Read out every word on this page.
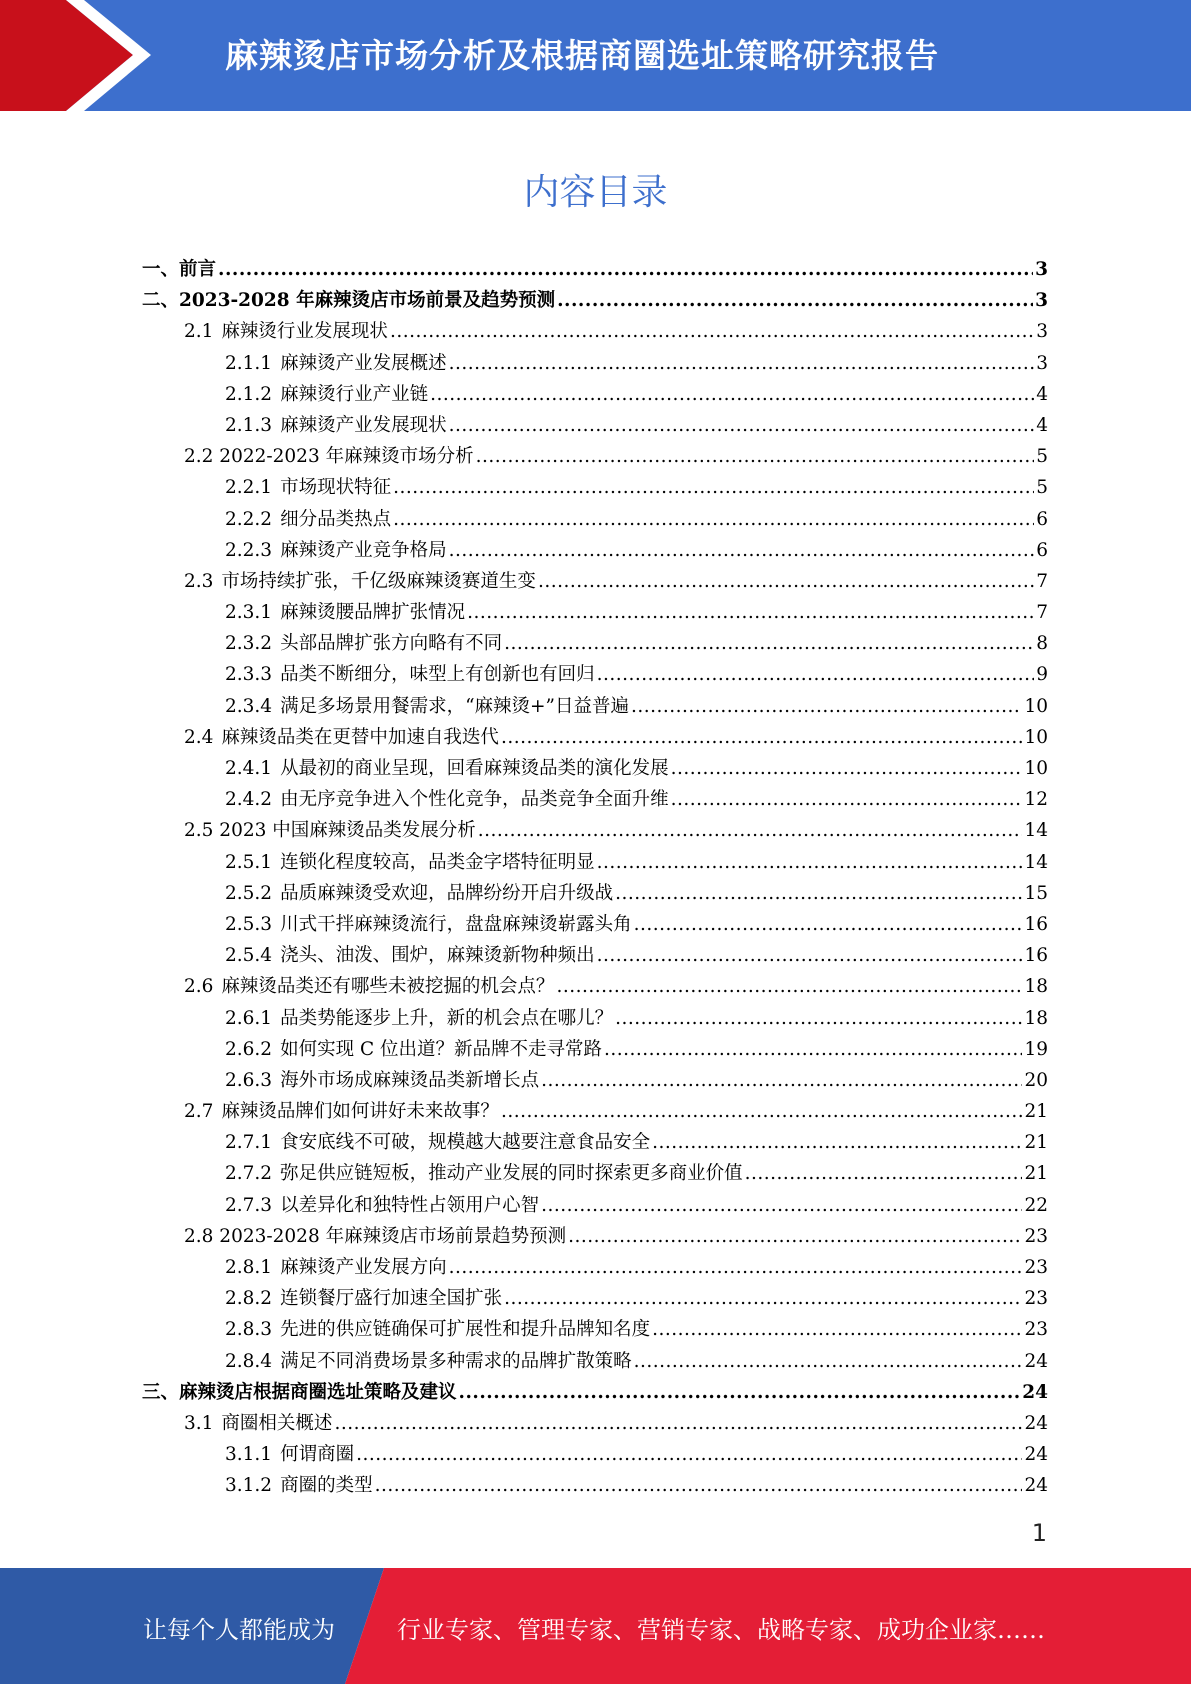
麻辣烫店市场分析及根据商圈选址策略研究报告
内容目录
一、前言 .....	3
二、2023-2028 年麻辣烫店市场前景及趋势预测 .....	3
2.1 麻辣烫行业发展现状 .....	3
2.1.1 麻辣烫产业发展概述 .....	3
2.1.2 麻辣烫行业产业链 .....	4
2.1.3 麻辣烫产业发展现状 .....	4
2.2 2022-2023 年麻辣烫市场分析 .....	5
2.2.1 市场现状特征 .....	5
2.2.2 细分品类热点 .....	6
2.2.3 麻辣烫产业竞争格局 .....	6
2.3 市场持续扩张，千亿级麻辣烫赛道生变 .....	7
2.3.1 麻辣烫腰品牌扩张情况 .....	7
2.3.2 头部品牌扩张方向略有不同 .....	8
2.3.3 品类不断细分，味型上有创新也有回归 .....	9
2.3.4 满足多场景用餐需求，“麻辣烫+”日益普遍 .....	10
2.4 麻辣烫品类在更替中加速自我迭代 .....	10
2.4.1 从最初的商业呈现，回看麻辣烫品类的演化发展 .....	10
2.4.2 由无序竞争进入个性化竞争，品类竞争全面升维 .....	12
2.5 2023 中国麻辣烫品类发展分析 .....	14
2.5.1 连锁化程度较高，品类金字塔特征明显 .....	14
2.5.2 品质麻辣烫受欢迎，品牌纷纷开启升级战 .....	15
2.5.3 川式干拌麻辣烫流行，盘盘麻辣烫崭露头角 .....	16
2.5.4 浇头、油泼、围炉，麻辣烫新物种频出 .....	16
2.6 麻辣烫品类还有哪些未被挖掘的机会点？ .....	18
2.6.1 品类势能逐步上升，新的机会点在哪儿？ .....	18
2.6.2 如何实现 C 位出道？新品牌不走寻常路 .....	19
2.6.3 海外市场成麻辣烫品类新增长点 .....	20
2.7 麻辣烫品牌们如何讲好未来故事？ .....	21
2.7.1 食安底线不可破，规模越大越要注意食品安全 .....	21
2.7.2 弥足供应链短板，推动产业发展的同时探索更多商业价值 .....	21
2.7.3 以差异化和独特性占领用户心智 .....	22
2.8 2023-2028 年麻辣烫店市场前景趋势预测 .....	23
2.8.1 麻辣烫产业发展方向 .....	23
2.8.2 连锁餐厅盛行加速全国扩张 .....	23
2.8.3 先进的供应链确保可扩展性和提升品牌知名度 .....	23
2.8.4 满足不同消费场景多种需求的品牌扩散策略 .....	24
三、麻辣烫店根据商圈选址策略及建议 .....	24
3.1 商圈相关概述 .....	24
3.1.1 何谓商圈 .....	24
3.1.2 商圈的类型 .....	24
1
让每个人都能成为	行业专家、管理专家、营销专家、战略专家、成功企业家……
